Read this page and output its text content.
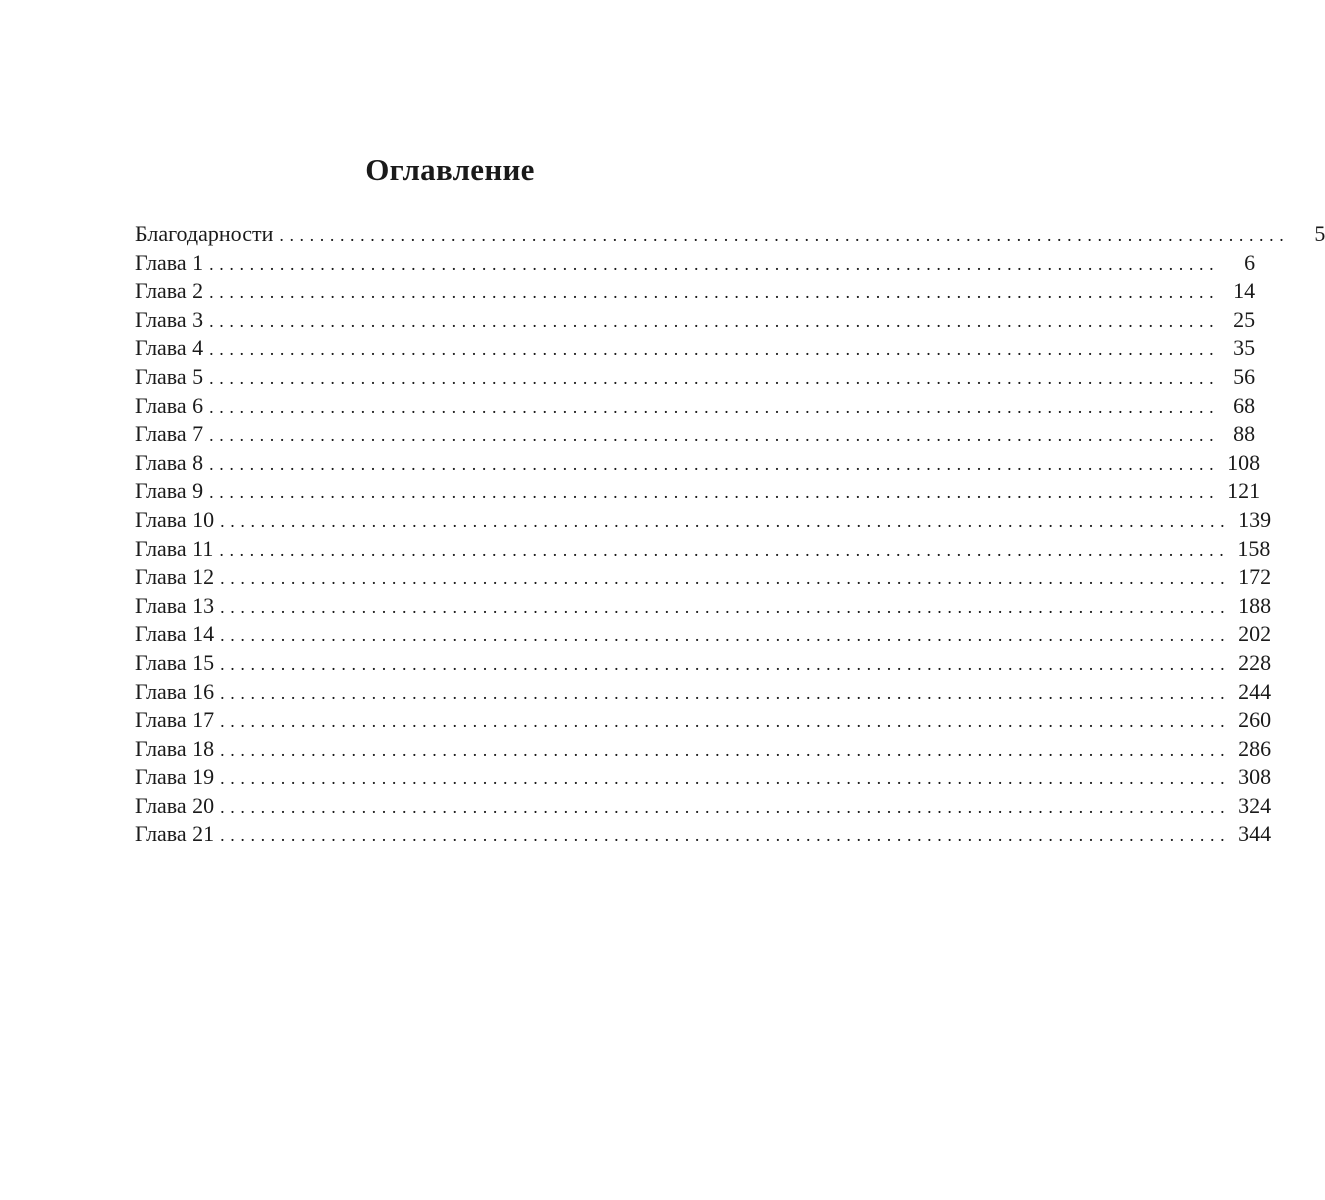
Оглавление
Благодарности ....................................................................................................	5
Глава 1 ....................................................................................................	6
Глава 2 .................................................................................................... 14
Глава 3 .................................................................................................... 25
Глава 4 .................................................................................................... 35
Глава 5 .................................................................................................... 56
Глава 6 .................................................................................................... 68
Глава 7 .................................................................................................... 88
Глава 8 .................................................................................................... 108
Глава 9 .................................................................................................... 121
Глава 10 .................................................................................................... 139
Глава 11 .................................................................................................... 158
Глава 12 .................................................................................................... 172
Глава 13 .................................................................................................... 188
Глава 14 .................................................................................................... 202
Глава 15 .................................................................................................... 228
Глава 16 .................................................................................................... 244
Глава 17 .................................................................................................... 260
Глава 18 .................................................................................................... 286
Глава 19 .................................................................................................... 308
Глава 20 .................................................................................................... 324
Глава 21 .................................................................................................... 344
